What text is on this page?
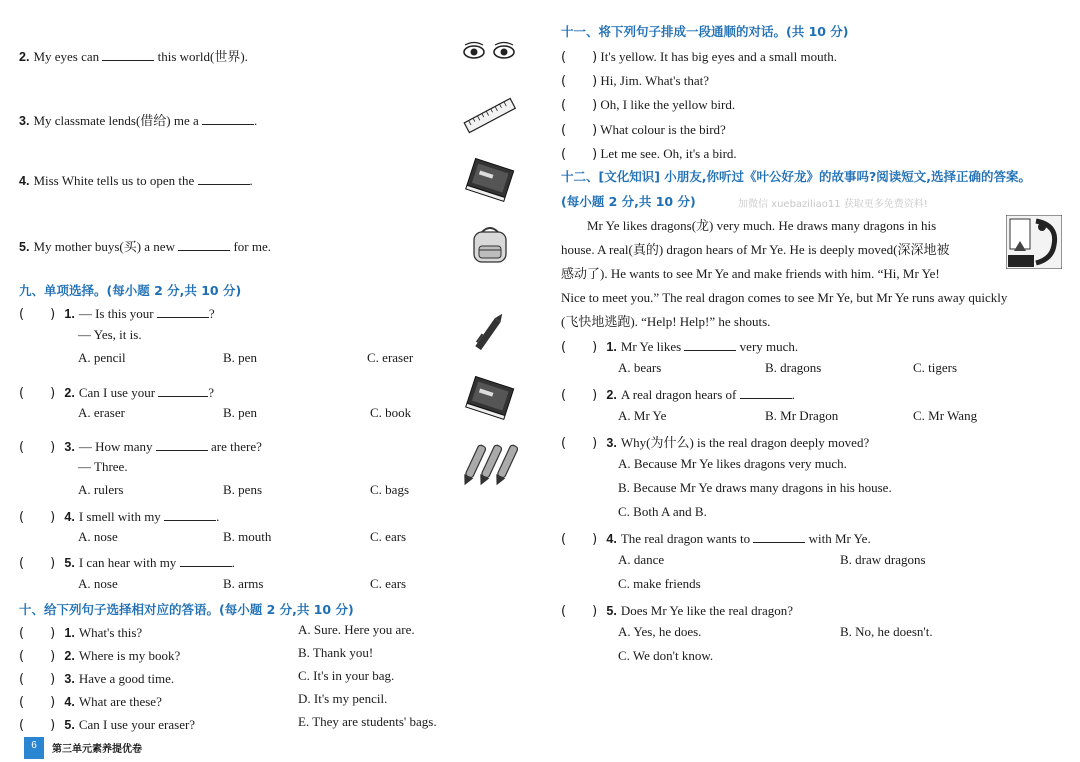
2. My eyes can	this world(世界).
3. My classmate lends(借给) me a	.
4. Miss White tells us to open the	.
5. My mother buys(买) a new	for me.
九、单项选择。(每小题 2 分,共 10 分)
(　　) 1. — Is this your	?
— Yes, it is.
A. pencil	B. pen	C. eraser
(　　) 2. Can I use your	?
A. eraser	B. pen	C. book
(　　) 3. — How many	are there?
— Three.
A. rulers	B. pens	C. bags
(　　) 4. I smell with my	.
A. nose	B. mouth	C. ears
(　　) 5. I can hear with my	.
A. nose	B. arms	C. ears
十、给下列句子选择相对应的答语。(每小题 2 分,共 10 分)
(　　) 1. What's this?	A. Sure. Here you are.
(　　) 2. Where is my book?	B. Thank you!
(　　) 3. Have a good time.	C. It's in your bag.
(　　) 4. What are these?	D. It's my pencil.
(　　) 5. Can I use your eraser?	E. They are students' bags.
十一、将下列句子排成一段通顺的对话。(共 10 分)
(　　) It's yellow. It has big eyes and a small mouth.
(　　) Hi, Jim. What's that?
(　　) Oh, I like the yellow bird.
(　　) What colour is the bird?
(　　) Let me see. Oh, it's a bird.
十二、[文化知识] 小朋友,你听过《叶公好龙》的故事吗?阅读短文,选择正确的答案。
(每小题 2 分,共 10 分)	加微信 xuebaziliao11 获取更多免费资料!

Mr Ye likes dragons(龙) very much. He draws many dragons in his

house. A real(真的) dragon hears of Mr Ye. He is deeply moved(深深地被

感动了). He wants to see Mr Ye and make friends with him. “Hi, Mr Ye!

Nice to meet you.” The real dragon comes to see Mr Ye, but Mr Ye runs away quickly

(飞快地逃跑). “Help! Help!” he shouts.

(　　) 1. Mr Ye likes	very much.
A. bears	B. dragons	C. tigers
(　　) 2. A real dragon hears of	.
A. Mr Ye	B. Mr Dragon	C. Mr Wang
(　　) 3. Why(为什么) is the real dragon deeply moved?
A. Because Mr Ye likes dragons very much.
B. Because Mr Ye draws many dragons in his house.
C. Both A and B.
(　　) 4. The real dragon wants to	with Mr Ye.
A. dance	B. draw dragons
C. make friends
(　　) 5. Does Mr Ye like the real dragon?
A. Yes, he does.	B. No, he doesn't.
C. We don't know.
6	第三单元素养提优卷
